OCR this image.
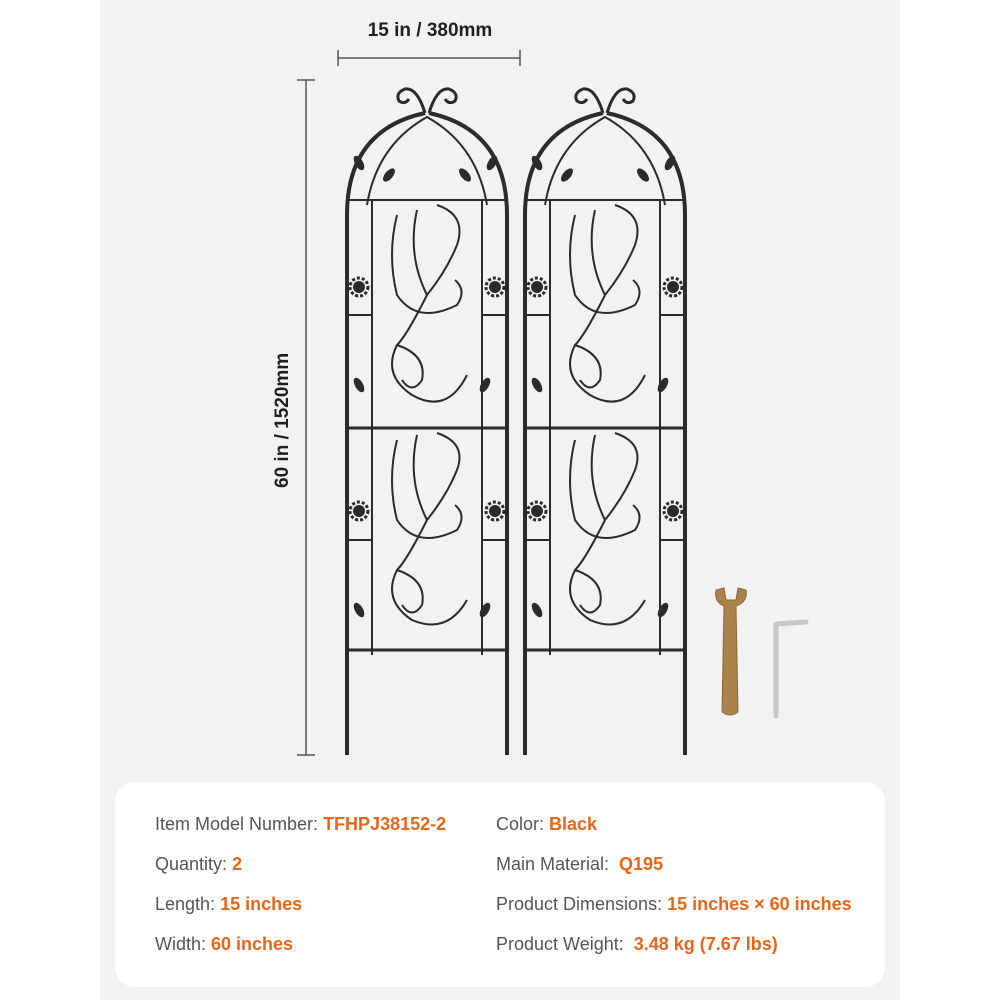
15 in / 380mm
60 in / 1520mm
Item Model Number: TFHPJ38152-2
Quantity: 2
Length: 15 inches
Width: 60 inches
Color: Black
Main Material:  Q195
Product Dimensions: 15 inches × 60 inches
Product Weight:  3.48 kg (7.67 lbs)
